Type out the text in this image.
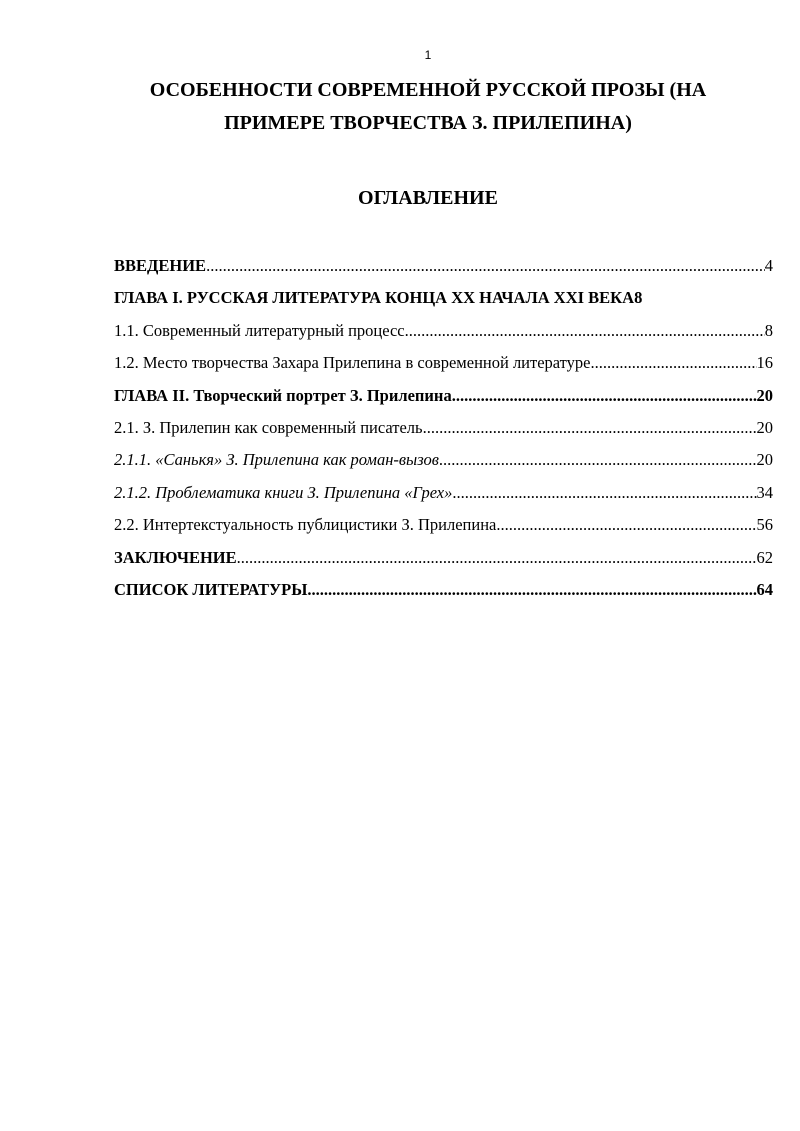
1
ОСОБЕННОСТИ СОВРЕМЕННОЙ РУССКОЙ ПРОЗЫ (НА ПРИМЕРЕ ТВОРЧЕСТВА З. ПРИЛЕПИНА)
ОГЛАВЛЕНИЕ
ВВЕДЕНИЕ .....	4
ГЛАВА I. РУССКАЯ ЛИТЕРАТУРА КОНЦА XX НАЧАЛА XXI ВЕКА 8
1.1. Современный литературный процесс .....	8
1.2. Место творчества Захара Прилепина в современной литературе .....	16
ГЛАВА II. Творческий портрет З. Прилепина .....	20
2.1. З. Прилепин как современный писатель .....	20
2.1.1. «Санькя» З. Прилепина как роман-вызов .....	20
2.1.2. Проблематика книги З. Прилепина «Грех» .....	34
2.2. Интертекстуальность публицистики З. Прилепина .....	56
ЗАКЛЮЧЕНИЕ .....	62
СПИСОК ЛИТЕРАТУРЫ .....	64
